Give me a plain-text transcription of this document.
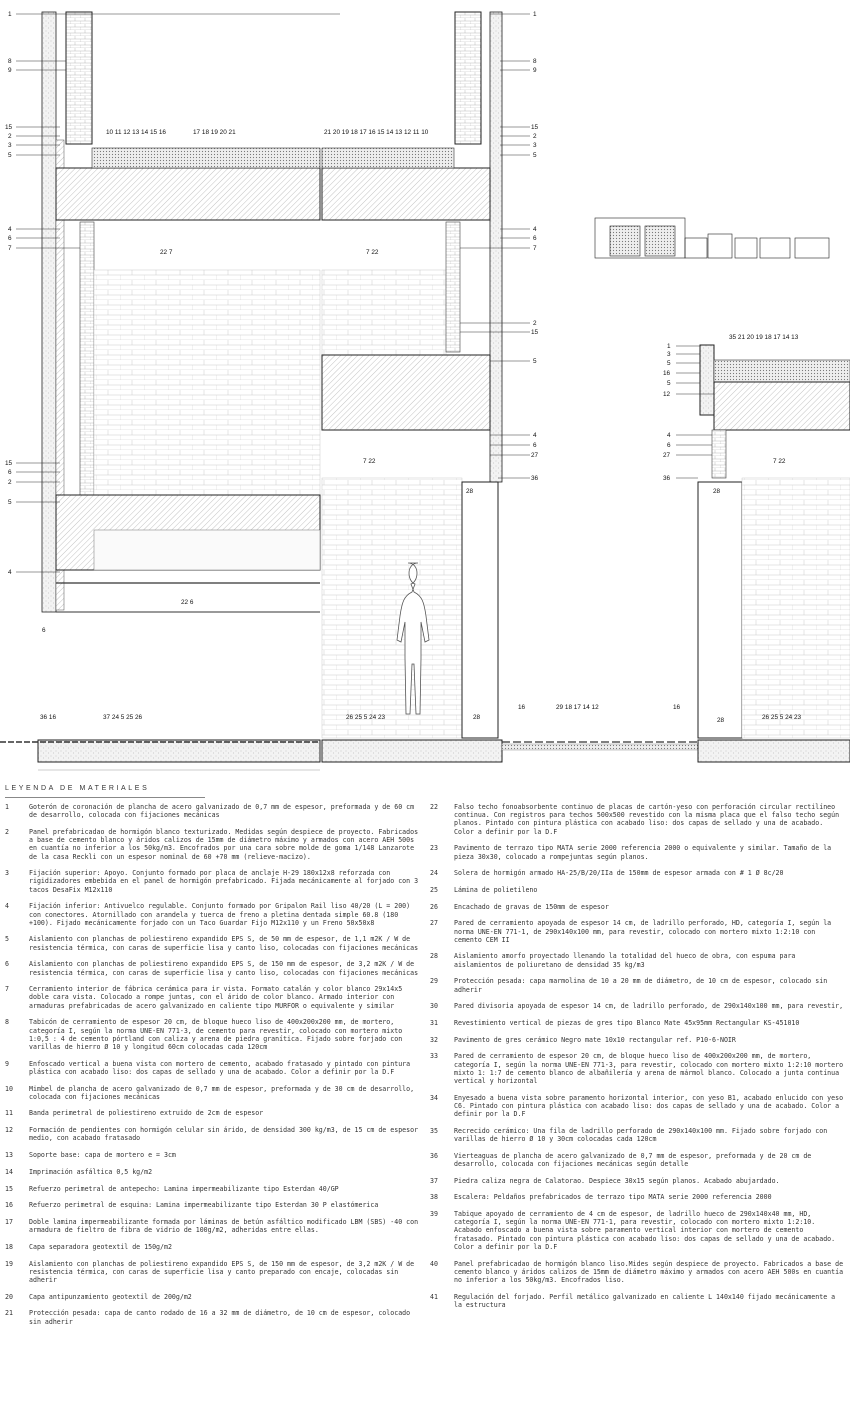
1
8
9
15
2
3
5
4
6
7
15
6
2
5
4
6
10 11 12 13 14 15 16	17 18 19 20 21
22 7
22 6
36 16	37 24 5 25 26
1
8
9
15
2
3
5
4
6
7
2
15
5
4
6
27
36
28
28
21 20 19 18 17 16 15 14 13 12 11 10
7 22
7 22
26 25 5 24 23
16	29 18 17 14 12	16
35 21 20 19 18 17 14 13
1
3
5
16
5
12
4
6
27
36
28
28
7 22
26 25 5 24 23
LEYENDA DE MATERIALES
1	Goterón de coronación de plancha de acero galvanizado de 0,7 mm de espesor, preformada y de 60 cm de desarrollo, colocada con fijaciones mecánicas
2	Panel prefabricadao de hormigón blanco texturizado. Medidas según despiece de proyecto. Fabricados a base de cemento blanco y áridos calizos de 15mm de diámetro máximo y armados con acero AEH 500s en cuantía no inferior a los 50kg/m3. Encofrados por una cara sobre molde de goma 1/148 Lanzarote de la casa Reckli con un espesor nominal de 60 +70 mm (relieve-macizo).
3	Fijación superior: Apoyo. Conjunto formado por placa de anclaje H-29 180x12x8 reforzada con rigidizadores embebida en el panel de hormigón prefabricado. Fijada mecánicamente al forjado con 3 tacos DesaFix M12x110
4	Fijación inferior: Antivuelco regulable. Conjunto formado por Gripalon Rail liso 40/20 (L = 200) con conectores. Atornillado con arandela y tuerca de freno a pletina dentada simple 60.8 (180 +100). Fijado mecánicamente forjado con un Taco Guardar Fijo M12x110 y un Freno 50x50x8
5	Aislamiento con planchas de poliestireno expandido EPS S, de 50 mm de espesor, de 1,1 m2K / W de resistencia térmica, con caras de superficie lisa y canto liso, colocadas con fijaciones mecánicas
6	Aislamiento con planchas de poliestireno expandido EPS S, de 150 mm de espesor, de 3,2 m2K / W de resistencia térmica, con caras de superficie lisa y canto liso, colocadas con fijaciones mecánicas
7	Cerramiento interior de fábrica cerámica para ir vista. Formato catalán y color blanco 29x14x5 doble cara vista. Colocado a rompe juntas, con el árido de color blanco. Armado interior con armaduras prefabricadas de acero galvanizado en caliente tipo MURFOR o equivalente y similar
8	Tabicón de cerramiento de espesor 20 cm, de bloque hueco liso de 400x200x200 mm, de mortero, categoría I, según la norma UNE-EN 771-3, de cemento para revestir, colocado con mortero mixto 1:0,5 : 4 de cemento pórtland con caliza y arena de piedra granítica. Fijado sobre forjado con varillas de hierro Ø 10 y longitud 60cm colocadas cada 120cm
9	Enfoscado vertical a buena vista con mortero de cemento, acabado fratasado y pintado con pintura plástica con acabado liso: dos capas de sellado y una de acabado. Color a definir por la D.F
10	Mimbel de plancha de acero galvanizado de 0,7 mm de espesor, preformada y de 30 cm de desarrollo, colocada con fijaciones mecánicas
11	Banda perimetral de poliestireno extruido de 2cm de espesor
12	Formación de pendientes con hormigón celular sin árido, de densidad 300 kg/m3, de 15 cm de espesor medio, con acabado fratasado
13	Soporte base: capa de mortero e = 3cm
14	Imprimación asfáltica 0,5 kg/m2
15	Refuerzo perimetral de antepecho: Lamina impermeabilizante tipo Esterdan 40/GP
16	Refuerzo perimetral de esquina: Lamina impermeabilizante tipo Esterdan 30 P elastómerica
17	Doble lamina impermeabilizante formada por láminas de betún asfáltico modificado LBM (SBS) -40 con armadura de fieltro de fibra de vidrio de 100g/m2, adheridas entre ellas.
18	Capa separadora geotextil de 150g/m2
19	Aislamiento con planchas de poliestireno expandido EPS S, de 150 mm de espesor, de 3,2 m2K / W de resistencia térmica, con caras de superficie lisa y canto preparado con encaje, colocadas sin adherir
20	Capa antipunzamiento geotextil de 200g/m2
21	Protección pesada: capa de canto rodado de 16 a 32 mm de diámetro, de 10 cm de espesor, colocado sin adherir
22	Falso techo fonoabsorbente continuo de placas de cartón-yeso con perforación circular rectilíneo continua. Con registros para techos 500x500 revestido con la misma placa que el falso techo según planos. Pintado con pintura plástica con acabado liso: dos capas de sellado y una de acabado. Color a definir por la D.F
23	Pavimento de terrazo tipo MATA serie 2000 referencia 2000 o equivalente y similar. Tamaño de la pieza 30x30, colocado a rompejuntas según planos.
24	Solera de hormigón armado HA-25/B/20/IIa de 150mm de espesor armada con # 1 Ø 8c/20
25	Lámina de polietileno
26	Encachado de gravas de 150mm de espesor
27	Pared de cerramiento apoyada de espesor 14 cm, de ladrillo perforado, HD, categoría I, según la norma UNE-EN 771-1, de 290x140x100 mm, para revestir, colocado con mortero mixto 1:2:10 con cemento CEM II
28	Aislamiento amorfo proyectado llenando la totalidad del hueco de obra, con espuma para aislamientos de poliuretano de densidad 35 kg/m3
29	Protección pesada: capa marmolina de 10 a 20 mm de diámetro, de 10 cm de espesor, colocado sin adherir
30	Pared divisoria apoyada de espesor 14 cm, de ladrillo perforado, de 290x140x100 mm, para revestir,
31	Revestimiento vertical de piezas de gres tipo Blanco Mate 45x95mm Rectangular KS-451010
32	Pavimento de gres cerámico Negro mate 10x10 rectangular ref. P10-6-NOIR
33	Pared de cerramiento de espesor 20 cm, de bloque hueco liso de 400x200x200 mm, de mortero, categoría I, según la norma UNE-EN 771-3, para revestir, colocado con mortero mixto 1:2:10 mortero mixto 1: 1:7 de cemento blanco de albañilería y arena de mármol blanco. Colocado a junta contínua vertical y horizontal
34	Enyesado a buena vista sobre paramento horizontal interior, con yeso B1, acabado enlucido con yeso C6. Pintado con pintura plástica con acabado liso: dos capas de sellado y una de acabado. Color a definir por la D.F
35	Recrecido cerámico: Una fila de ladrillo perforado de 290x140x100 mm. Fijado sobre forjado con varillas de hierro Ø 10 y 30cm colocadas cada 120cm
36	Vierteaguas de plancha de acero galvanizado de 0,7 mm de espesor, preformada y de 20 cm de desarrollo, colocada con fijaciones mecánicas según detalle
37	Piedra caliza negra de Calatorao. Despiece 30x15 según planos. Acabado abujardado.
38	Escalera: Peldaños prefabricados de terrazo tipo MATA serie 2000 referencia 2000
39	Tabique apoyado de cerramiento de 4 cm de espesor, de ladrillo hueco de 290x140x40 mm, HD, categoría I, según la norma UNE-EN 771-1, para revestir, colocado con mortero mixto 1:2:10. Acabado enfoscado a buena vista sobre paramento vertical interior con mortero de cemento fratasado. Pintado con pintura plástica con acabado liso: dos capas de sellado y una de acabado. Color a definir por la D.F
40	Panel prefabricadao de hormigón blanco liso.Mides según despiece de proyecto. Fabricados a base de cemento blanco y áridos calizos de 15mm de diámetro máximo y armados con acero AEH 500s en cuantía no inferior a los 50kg/m3. Encofrados liso.
41	Regulación del forjado. Perfil metálico galvanizado en caliente L 140x140 fijado mecánicamente a la estructura
